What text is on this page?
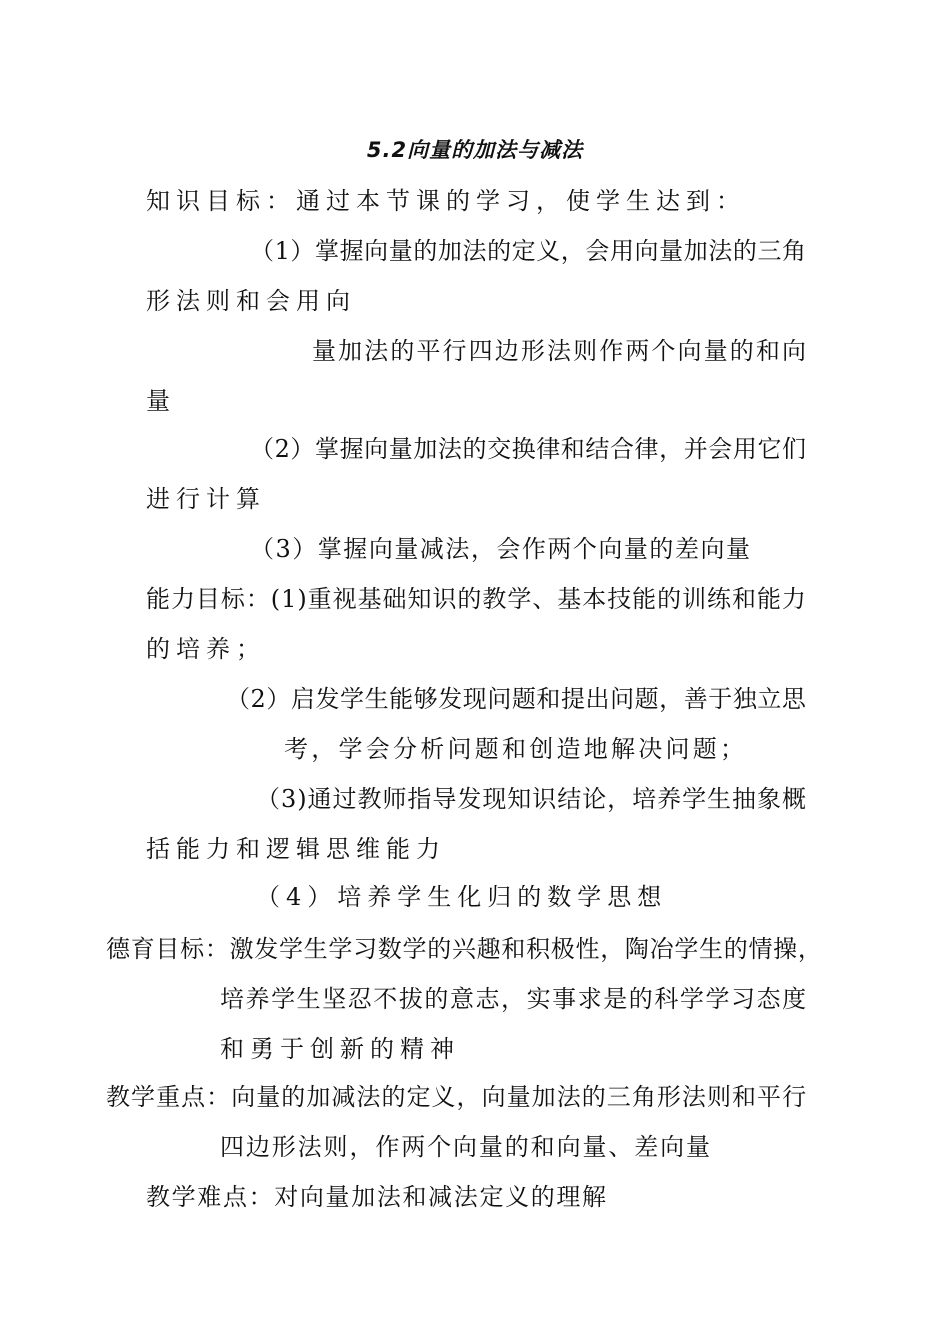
5.2向量的加法与减法
知识目标：通过本节课的学习，使学生达到：
（1）掌握向量的加法的定义，会用向量加法的三角
形法则和会用向
量加法的平行四边形法则作两个向量的和向
量
（2）掌握向量加法的交换律和结合律，并会用它们
进行计算
（3）掌握向量减法，会作两个向量的差向量
能力目标：(1)重视基础知识的教学、基本技能的训练和能力
的培养；
（2）启发学生能够发现问题和提出问题，善于独立思
考，学会分析问题和创造地解决问题；
（3)通过教师指导发现知识结论，培养学生抽象概
括能力和逻辑思维能力
（4）培养学生化归的数学思想
德育目标：激发学生学习数学的兴趣和积极性，陶冶学生的情操，
培养学生坚忍不拔的意志，实事求是的科学学习态度
和勇于创新的精神
教学重点：向量的加减法的定义，向量加法的三角形法则和平行
四边形法则，作两个向量的和向量、差向量
教学难点：对向量加法和减法定义的理解
